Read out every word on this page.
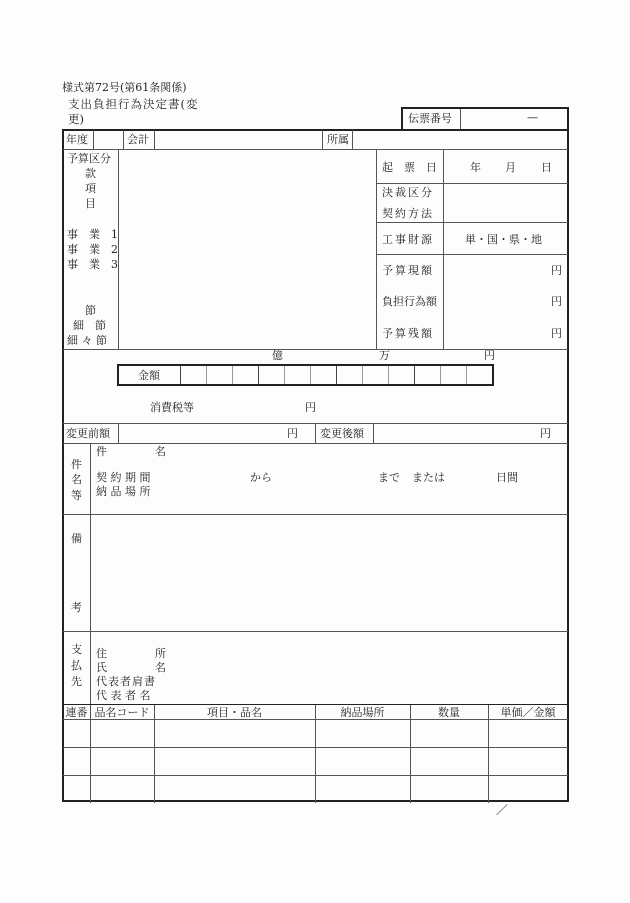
様式第72号(第61条関係)
支出負担行為決定書(変
更)	伝票番号	—
年度	会計	所属
予算区分
款
項
目
事　業　1
事　業　2
事　業　3
節
細　節
細 々 節
起　票　日	年 月 日
決裁区分
契約方法
工事財源	単・国・県・地
予算現額	円
負担行為額	円
予算残額	円
億	万	円
金額
消費税等	円
変更前額	円 変更後額	円
件
名
等
件	名
契 約 期 間	から	まで または	日間
納 品 場 所
備
考
支
払
先
住	所
氏	名
代表者肩書
代 表 者 名
連番 品名コード	項目・品名	納品場所	数量	単価／金額
／
